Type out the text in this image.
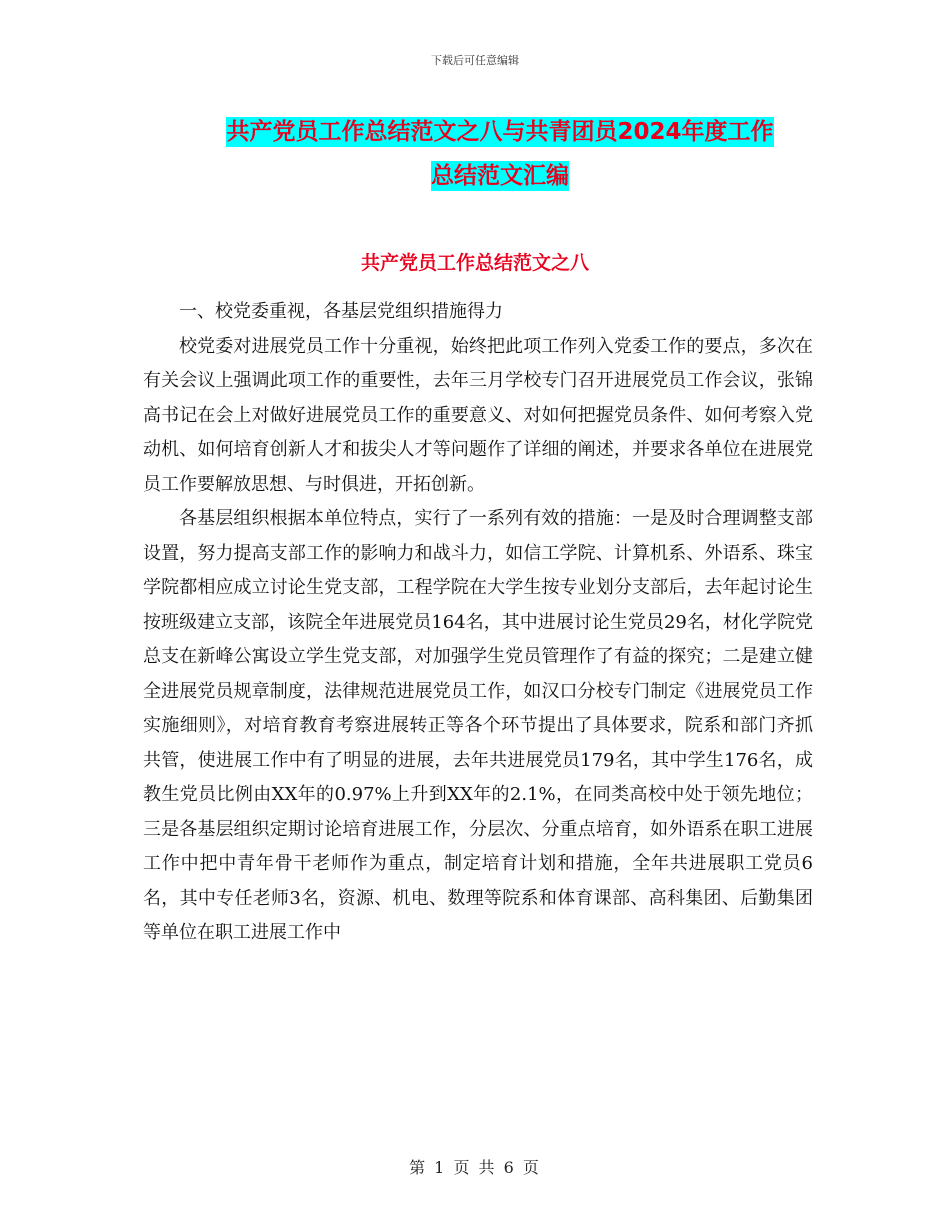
下载后可任意编辑
共产党员工作总结范文之八与共青团员2024年度工作
总结范文汇编
共产党员工作总结范文之八

一、校党委重视，各基层党组织措施得力

校党委对进展党员工作十分重视，始终把此项工作列入党委工作的要点，多次在有关会议上强调此项工作的重要性，去年三月学校专门召开进展党员工作会议，张锦高书记在会上对做好进展党员工作的重要意义、对如何把握党员条件、如何考察入党动机、如何培育创新人才和拔尖人才等问题作了详细的阐述，并要求各单位在进展党员工作要解放思想、与时俱进，开拓创新。

各基层组织根据本单位特点，实行了一系列有效的措施：一是及时合理调整支部设置，努力提高支部工作的影响力和战斗力，如信工学院、计算机系、外语系、珠宝学院都相应成立讨论生党支部，工程学院在大学生按专业划分支部后，去年起讨论生按班级建立支部，该院全年进展党员164名，其中进展讨论生党员29名，材化学院党总支在新峰公寓设立学生党支部，对加强学生党员管理作了有益的探究；二是建立健全进展党员规章制度，法律规范进展党员工作，如汉口分校专门制定《进展党员工作实施细则》，对培育教育考察进展转正等各个环节提出了具体要求，院系和部门齐抓共管，使进展工作中有了明显的进展，去年共进展党员179名，其中学生176名，成教生党员比例由XX年的0.97%上升到XX年的2.1%，在同类高校中处于领先地位；三是各基层组织定期讨论培育进展工作，分层次、分重点培育，如外语系在职工进展工作中把中青年骨干老师作为重点，制定培育计划和措施，全年共进展职工党员6名，其中专任老师3名，资源、机电、数理等院系和体育课部、高科集团、后勤集团等单位在职工进展工作中

第 1 页 共 6 页
